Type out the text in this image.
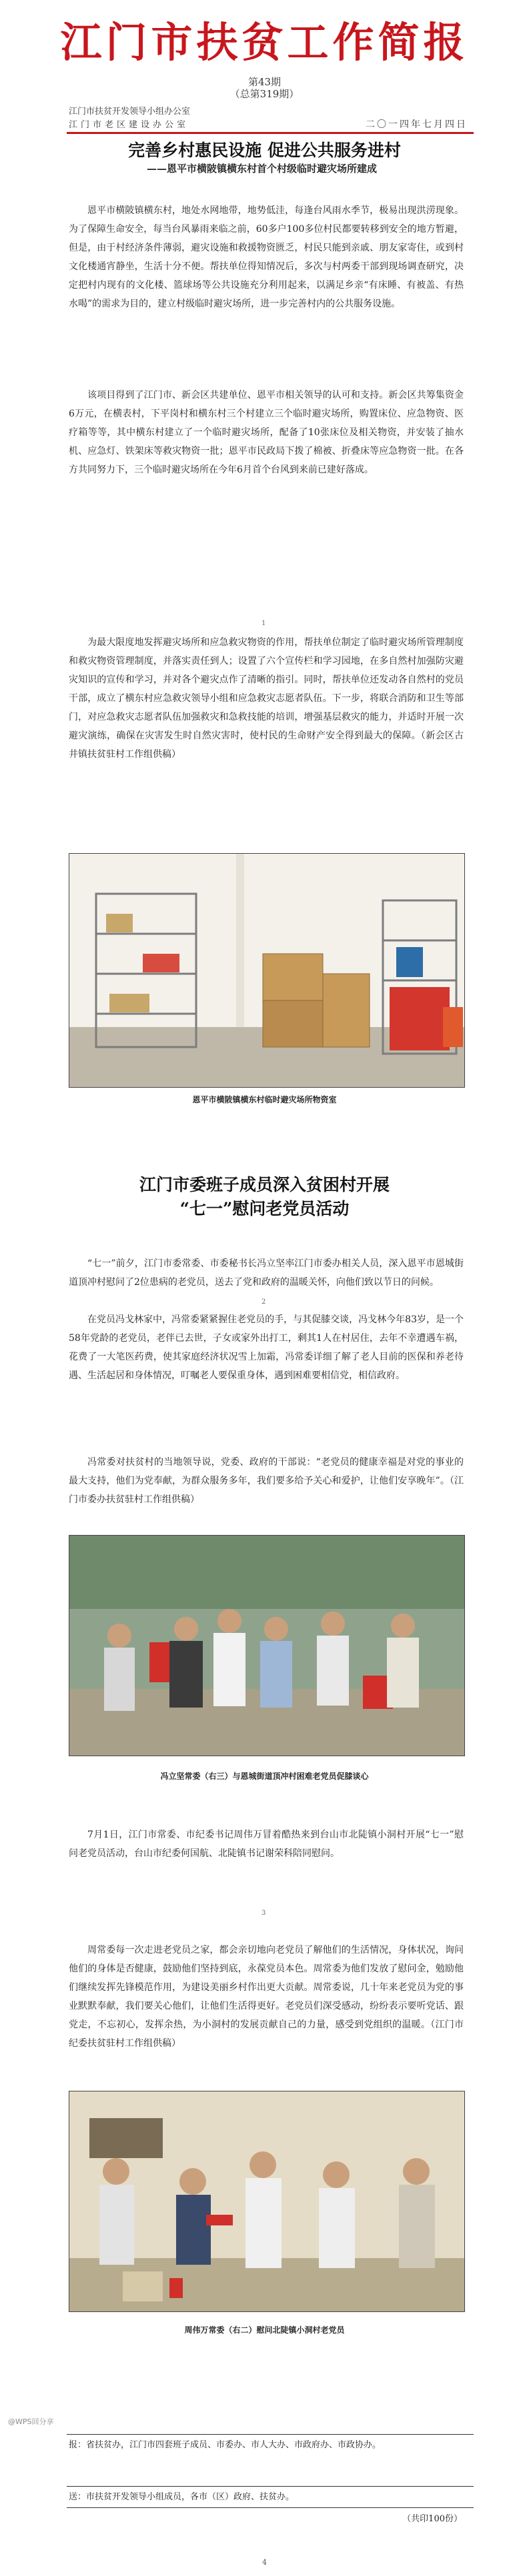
江门市扶贫工作简报
第43期
（总第319期）
江门市扶贫开发领导小组办公室
江门市老区建设办公室	二〇一四年七月四日
完善乡村惠民设施 促进公共服务进村
——恩平市横陂镇横东村首个村级临时避灾场所建成

恩平市横陂镇横东村，地处水网地带，地势低洼，每逢台风雨水季节，极易出现洪涝现象。为了保障生命安全，每当台风暴雨来临之前，60多户100多位村民都要转移到安全的地方暂避，但是，由于村经济条件薄弱，避灾设施和救援物资匮乏，村民只能到亲戚、朋友家寄住，或到村文化楼通宵静坐，生活十分不便。帮扶单位得知情况后，多次与村两委干部到现场调查研究，决定把村内现有的文化楼、篮球场等公共设施充分利用起来，以满足乡亲“有床睡、有被盖、有热水喝”的需求为目的，建立村级临时避灾场所，进一步完善村内的公共服务设施。

该项目得到了江门市、新会区共建单位、恩平市相关领导的认可和支持。新会区共筹集资金6万元，在横表村，下平岗村和横东村三个村建立三个临时避灾场所，购置床位、应急物资、医疗箱等等，其中横东村建立了一个临时避灾场所，配备了10张床位及相关物资，并安装了抽水机、应急灯、铁架床等救灾物资一批；恩平市民政局下拨了棉被、折叠床等应急物资一批。在各方共同努力下，三个临时避灾场所在今年6月首个台风到来前已建好落成。

1

为最大限度地发挥避灾场所和应急救灾物资的作用，帮扶单位制定了临时避灾场所管理制度和救灾物资管理制度，并落实责任到人；设置了六个宣传栏和学习园地，在多自然村加强防灾避灾知识的宣传和学习，并对各个避灾点作了清晰的指引。同时，帮扶单位还发动各自然村的党员干部，成立了横东村应急救灾领导小组和应急救灾志愿者队伍。下一步，将联合消防和卫生等部门，对应急救灾志愿者队伍加强救灾和急救技能的培训，增强基层救灾的能力，并适时开展一次避灾演练，确保在灾害发生时自然灾害时，使村民的生命财产安全得到最大的保障。（新会区古井镇扶贫驻村工作组供稿）

恩平市横陂镇横东村临时避灾场所物资室
江门市委班子成员深入贫困村开展
“七一”慰问老党员活动

“七一”前夕，江门市委常委、市委秘书长冯立坚率江门市委办相关人员，深入恩平市恩城街道顶冲村慰问了2位患病的老党员，送去了党和政府的温暖关怀，向他们致以节日的问候。

2

在党员冯戈林家中，冯常委紧紧握住老党员的手，与其促膝交谈，冯戈林今年83岁，是一个58年党龄的老党员，老伴已去世，子女或家外出打工，剩其1人在村居住，去年不幸遭遇车祸，花费了一大笔医药费，使其家庭经济状况雪上加霜，冯常委详细了解了老人目前的医保和养老待遇、生活起居和身体情况，叮嘱老人要保重身体，遇到困难要相信党，相信政府。

冯常委对扶贫村的当地领导说，党委、政府的干部说：“老党员的健康幸福是对党的事业的最大支持，他们为党奉献，为群众服务多年，我们要多给予关心和爱护，让他们安享晚年”。（江门市委办扶贫驻村工作组供稿）

冯立坚常委（右三）与恩城街道顶冲村困难老党员促膝谈心

7月1日，江门市常委、市纪委书记周伟万冒着酷热来到台山市北陡镇小洞村开展“七一”慰问老党员活动，台山市纪委何国航、北陡镇书记谢荣科陪同慰问。

3

周常委每一次走进老党员之家，都会亲切地向老党员了解他们的生活情况，身体状况，询问他们的身体是否健康，鼓励他们坚持到底，永葆党员本色。周常委为他们发放了慰问金，勉励他们继续发挥先锋模范作用，为建设美丽乡村作出更大贡献。周常委说，几十年来老党员为党的事业默默奉献，我们要关心他们，让他们生活得更好。老党员们深受感动，纷纷表示要听党话、跟党走，不忘初心，发挥余热，为小洞村的发展贡献自己的力量，感受到党组织的温暖。（江门市纪委扶贫驻村工作组供稿）

周伟万常委（右二）慰问北陡镇小洞村老党员
@WPS回分享
报：省扶贫办，江门市四套班子成员、市委办、市人大办、市政府办、市政协办。
送：市扶贫开发领导小组成员，各市（区）政府、扶贫办。
（共印100份）
4
